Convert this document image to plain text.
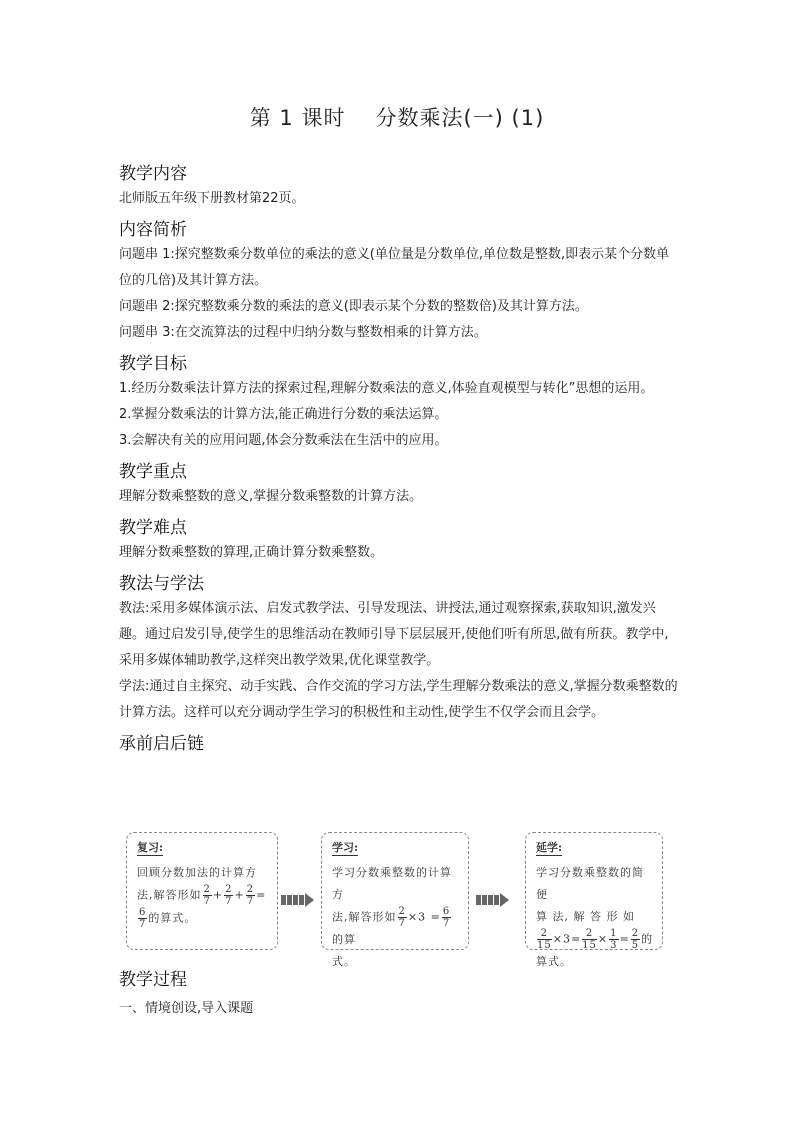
第 1 课时 分数乘法(一) (1)
教学内容

北师版五年级下册教材第22页。

内容简析

问题串 1:探究整数乘分数单位的乘法的意义(单位量是分数单位,单位数是整数,即表示某个分数单位的几倍)及其计算方法。

问题串 2:探究整数乘分数的乘法的意义(即表示某个分数的整数倍)及其计算方法。

问题串 3:在交流算法的过程中归纳分数与整数相乘的计算方法。

教学目标

1.经历分数乘法计算方法的探索过程,理解分数乘法的意义,体验直观模型与转化”思想的运用。

2.掌握分数乘法的计算方法,能正确进行分数的乘法运算。

3.会解决有关的应用问题,体会分数乘法在生活中的应用。

教学重点

理解分数乘整数的意义,掌握分数乘整数的计算方法。

教学难点

理解分数乘整数的算理,正确计算分数乘整数。

教法与学法

教法:采用多媒体演示法、启发式教学法、引导发现法、讲授法,通过观察探索,获取知识,激发兴趣。通过启发引导,使学生的思维活动在教师引导下层层展开,使他们听有所思,做有所获。教学中,采用多媒体辅助教学,这样突出教学效果,优化课堂教学。

学法:通过自主探究、动手实践、合作交流的学习方法,学生理解分数乘法的意义,掌握分数乘整数的计算方法。这样可以充分调动学生学习的积极性和主动性,使学生不仅学会而且会学。

承前启后链
复习:
回顾分数加法的计算方
法,解答形如 $\frac{2}{7} + \frac{2}{7} + \frac{2}{7}$ =
$\frac{6}{7}$ 的算式。
学习:
学习分数乘整数的计算方
法,解答形如 $\frac{2}{7} \times 3 = \frac{6}{7}$
的算
式。
延学:
学习分数乘整数的简便
算 法, 解 答 形 如
$\frac{2}{15} \times 3= \frac{2}{15} \times \frac{1}{3} = \frac{2}{5}$ 的算式。
教学过程

一、情境创设,导入课题
